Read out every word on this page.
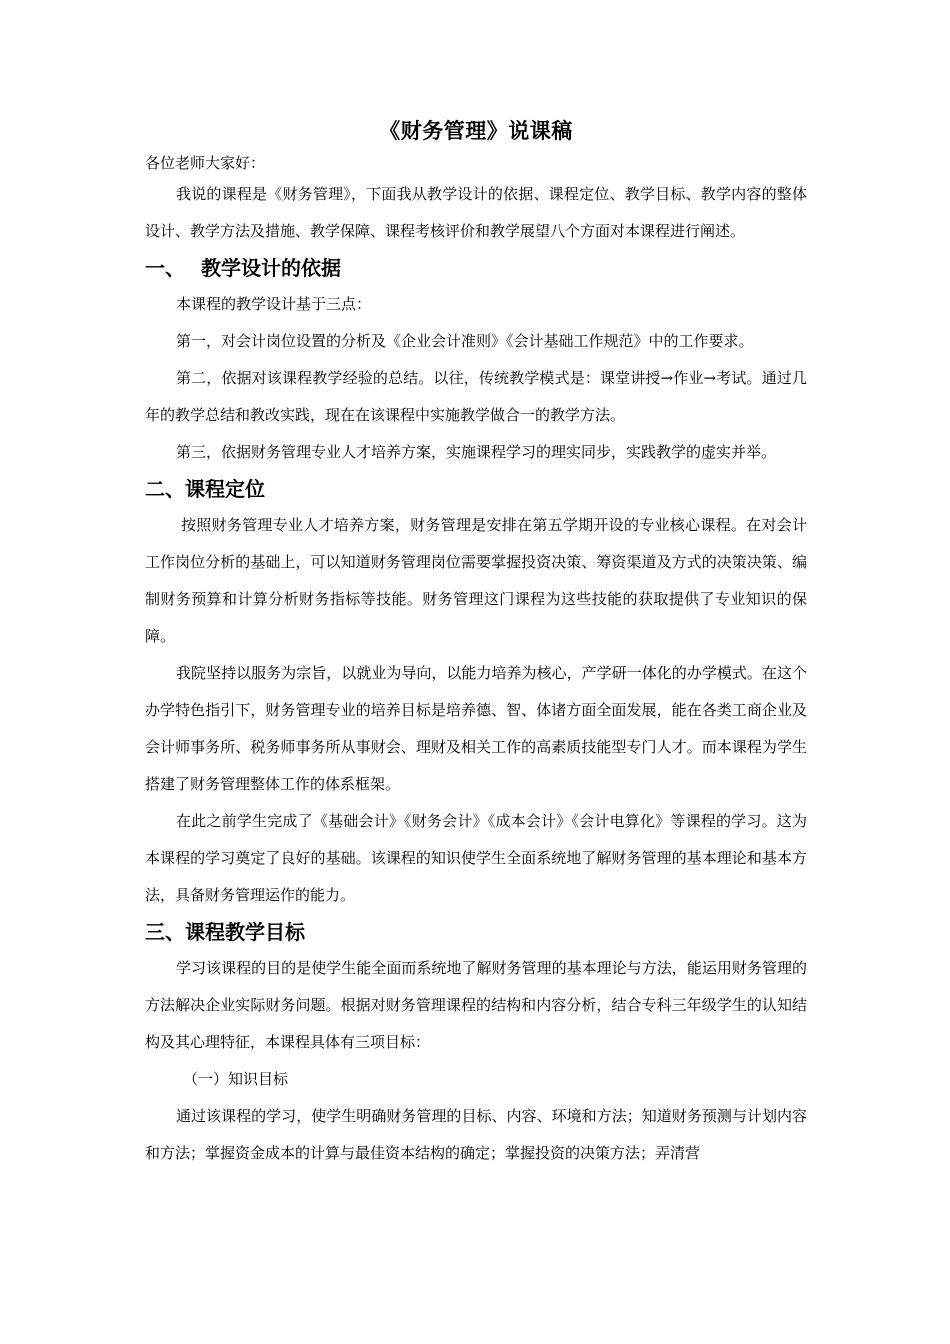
《财务管理》说课稿

各位老师大家好：

我说的课程是《财务管理》，下面我从教学设计的依据、课程定位、教学目标、教学内容的整体设计、教学方法及措施、教学保障、课程考核评价和教学展望八个方面对本课程进行阐述。

一、 教学设计的依据

本课程的教学设计基于三点：

第一，对会计岗位设置的分析及《企业会计准则》《会计基础工作规范》中的工作要求。

第二，依据对该课程教学经验的总结。以往，传统教学模式是：课堂讲授→作业→考试。通过几年的教学总结和教改实践，现在在该课程中实施教学做合一的教学方法。

第三，依据财务管理专业人才培养方案，实施课程学习的理实同步，实践教学的虚实并举。

二、课程定位

按照财务管理专业人才培养方案，财务管理是安排在第五学期开设的专业核心课程。在对会计工作岗位分析的基础上，可以知道财务管理岗位需要掌握投资决策、筹资渠道及方式的决策决策、编制财务预算和计算分析财务指标等技能。财务管理这门课程为这些技能的获取提供了专业知识的保障。

我院坚持以服务为宗旨，以就业为导向，以能力培养为核心，产学研一体化的办学模式。在这个办学特色指引下，财务管理专业的培养目标是培养德、智、体诸方面全面发展，能在各类工商企业及会计师事务所、税务师事务所从事财会、理财及相关工作的高素质技能型专门人才。而本课程为学生搭建了财务管理整体工作的体系框架。

在此之前学生完成了《基础会计》《财务会计》《成本会计》《会计电算化》等课程的学习。这为本课程的学习奠定了良好的基础。该课程的知识使学生全面系统地了解财务管理的基本理论和基本方法，具备财务管理运作的能力。

三、课程教学目标

学习该课程的目的是使学生能全面而系统地了解财务管理的基本理论与方法，能运用财务管理的方法解决企业实际财务问题。根据对财务管理课程的结构和内容分析，结合专科三年级学生的认知结构及其心理特征，本课程具体有三项目标：

（一）知识目标

通过该课程的学习，使学生明确财务管理的目标、内容、环境和方法；知道财务预测与计划内容和方法；掌握资金成本的计算与最佳资本结构的确定；掌握投资的决策方法；弄清营
